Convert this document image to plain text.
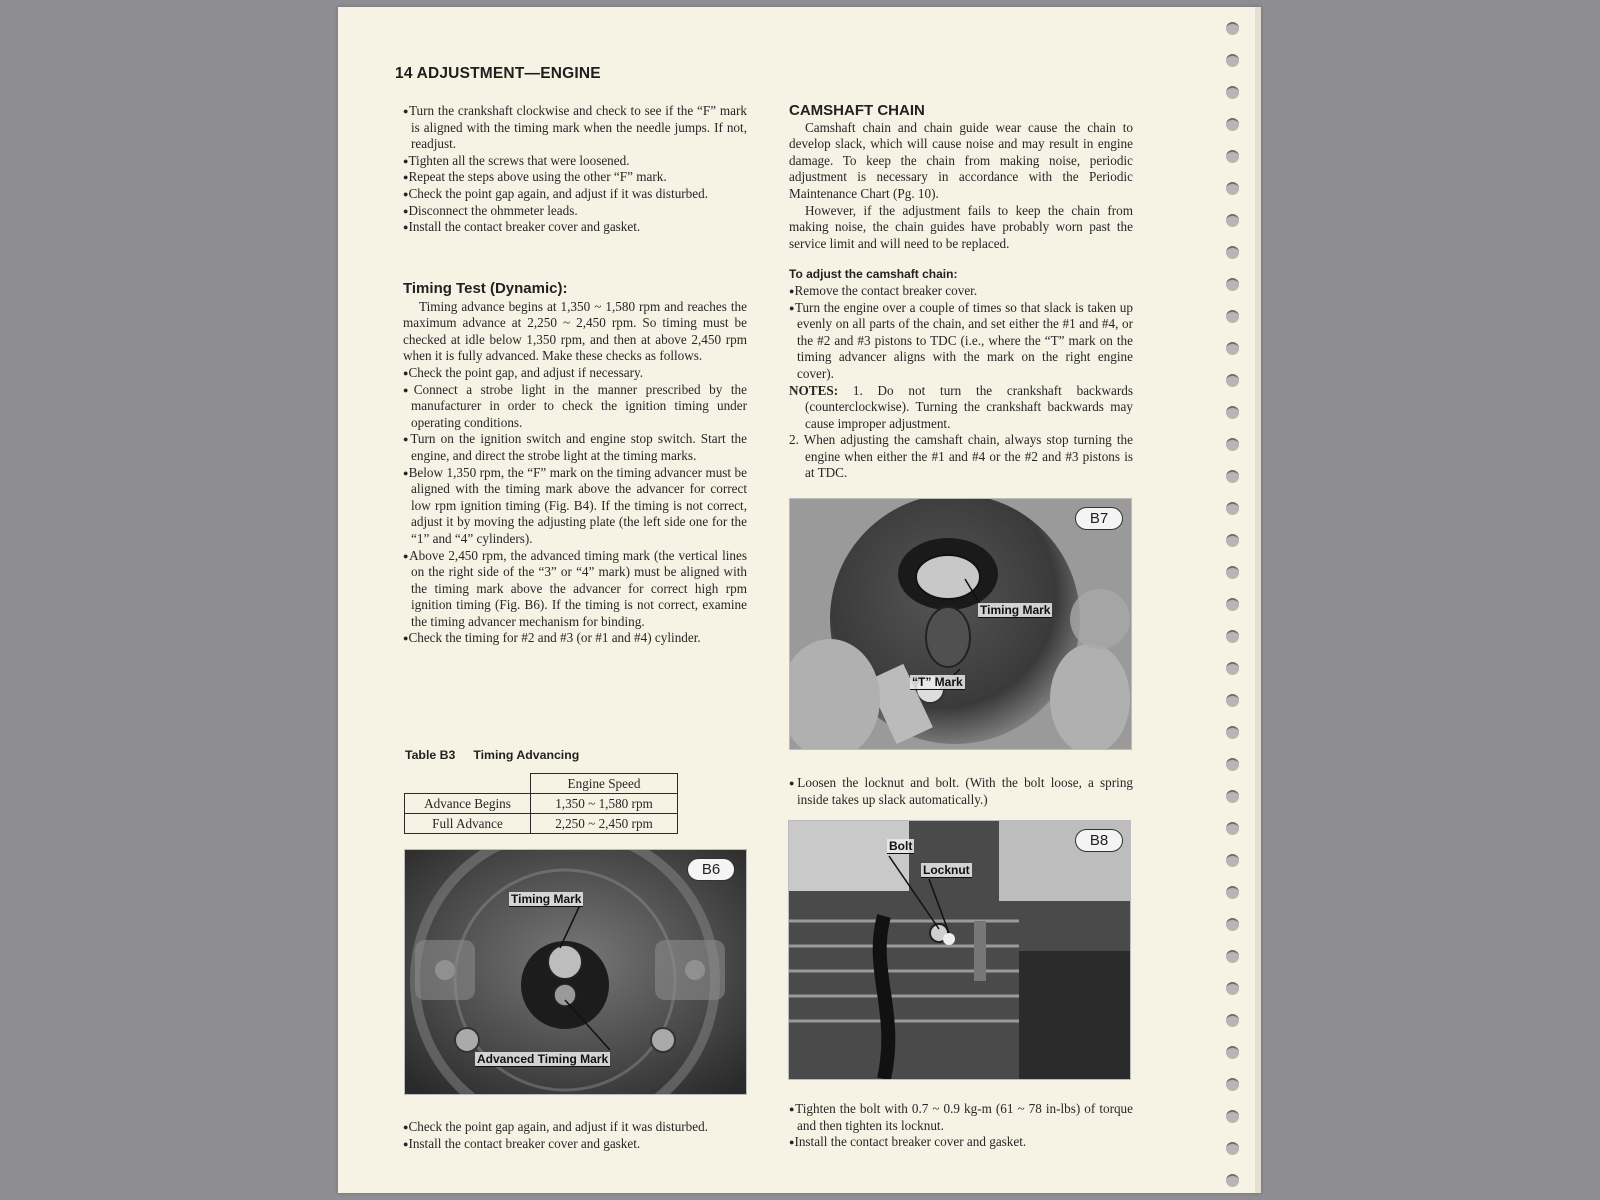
14 ADJUSTMENT—ENGINE

● Turn the crankshaft clockwise and check to see if the “F” mark is aligned with the timing mark when the needle jumps. If not, readjust.

● Tighten all the screws that were loosened.

● Repeat the steps above using the other “F” mark.

● Check the point gap again, and adjust if it was disturbed.

● Disconnect the ohmmeter leads.

● Install the contact breaker cover and gasket.

Timing Test (Dynamic):

Timing advance begins at 1,350 ~ 1,580 rpm and reaches the maximum advance at 2,250 ~ 2,450 rpm. So timing must be checked at idle below 1,350 rpm, and then at above 2,450 rpm when it is fully advanced. Make these checks as follows.

● Check the point gap, and adjust if necessary.

● Connect a strobe light in the manner prescribed by the manufacturer in order to check the ignition timing under operating conditions.

● Turn on the ignition switch and engine stop switch. Start the engine, and direct the strobe light at the timing marks.

● Below 1,350 rpm, the “F” mark on the timing advancer must be aligned with the timing mark above the advancer for correct low rpm ignition timing (Fig. B4). If the timing is not correct, adjust it by moving the adjusting plate (the left side one for the “1” and “4” cylinders).

● Above 2,450 rpm, the advanced timing mark (the vertical lines on the right side of the “3” or “4” mark) must be aligned with the timing mark above the advancer for correct high rpm ignition timing (Fig. B6). If the timing is not correct, examine the timing advancer mechanism for binding.

● Check the timing for #2 and #3 (or #1 and #4) cylinder.

Table B3 Timing Advancing
	Engine Speed
Advance Begins	1,350 ~ 1,580 rpm
Full Advance	2,250 ~ 2,450 rpm
Timing Mark
Advanced Timing Mark
B6

● Check the point gap again, and adjust if it was disturbed.

● Install the contact breaker cover and gasket.

CAMSHAFT CHAIN

Camshaft chain and chain guide wear cause the chain to develop slack, which will cause noise and may result in engine damage. To keep the chain from making noise, periodic adjustment is necessary in accordance with the Periodic Maintenance Chart (Pg. 10).

However, if the adjustment fails to keep the chain from making noise, the chain guides have probably worn past the service limit and will need to be replaced.

To adjust the camshaft chain:

● Remove the contact breaker cover.

● Turn the engine over a couple of times so that slack is taken up evenly on all parts of the chain, and set either the #1 and #4, or the #2 and #3 pistons to TDC (i.e., where the “T” mark on the timing advancer aligns with the mark on the right engine cover).

NOTES: 1. Do not turn the crankshaft backwards (counterclockwise). Turning the crankshaft backwards may cause improper adjustment.

2. When adjusting the camshaft chain, always stop turning the engine when either the #1 and #4 or the #2 and #3 pistons is at TDC.

Timing Mark
“T” Mark
B7

● Loosen the locknut and bolt. (With the bolt loose, a spring inside takes up slack automatically.)

Bolt
Locknut
B8

● Tighten the bolt with 0.7 ~ 0.9 kg-m (61 ~ 78 in-lbs) of torque and then tighten its locknut.

● Install the contact breaker cover and gasket.
